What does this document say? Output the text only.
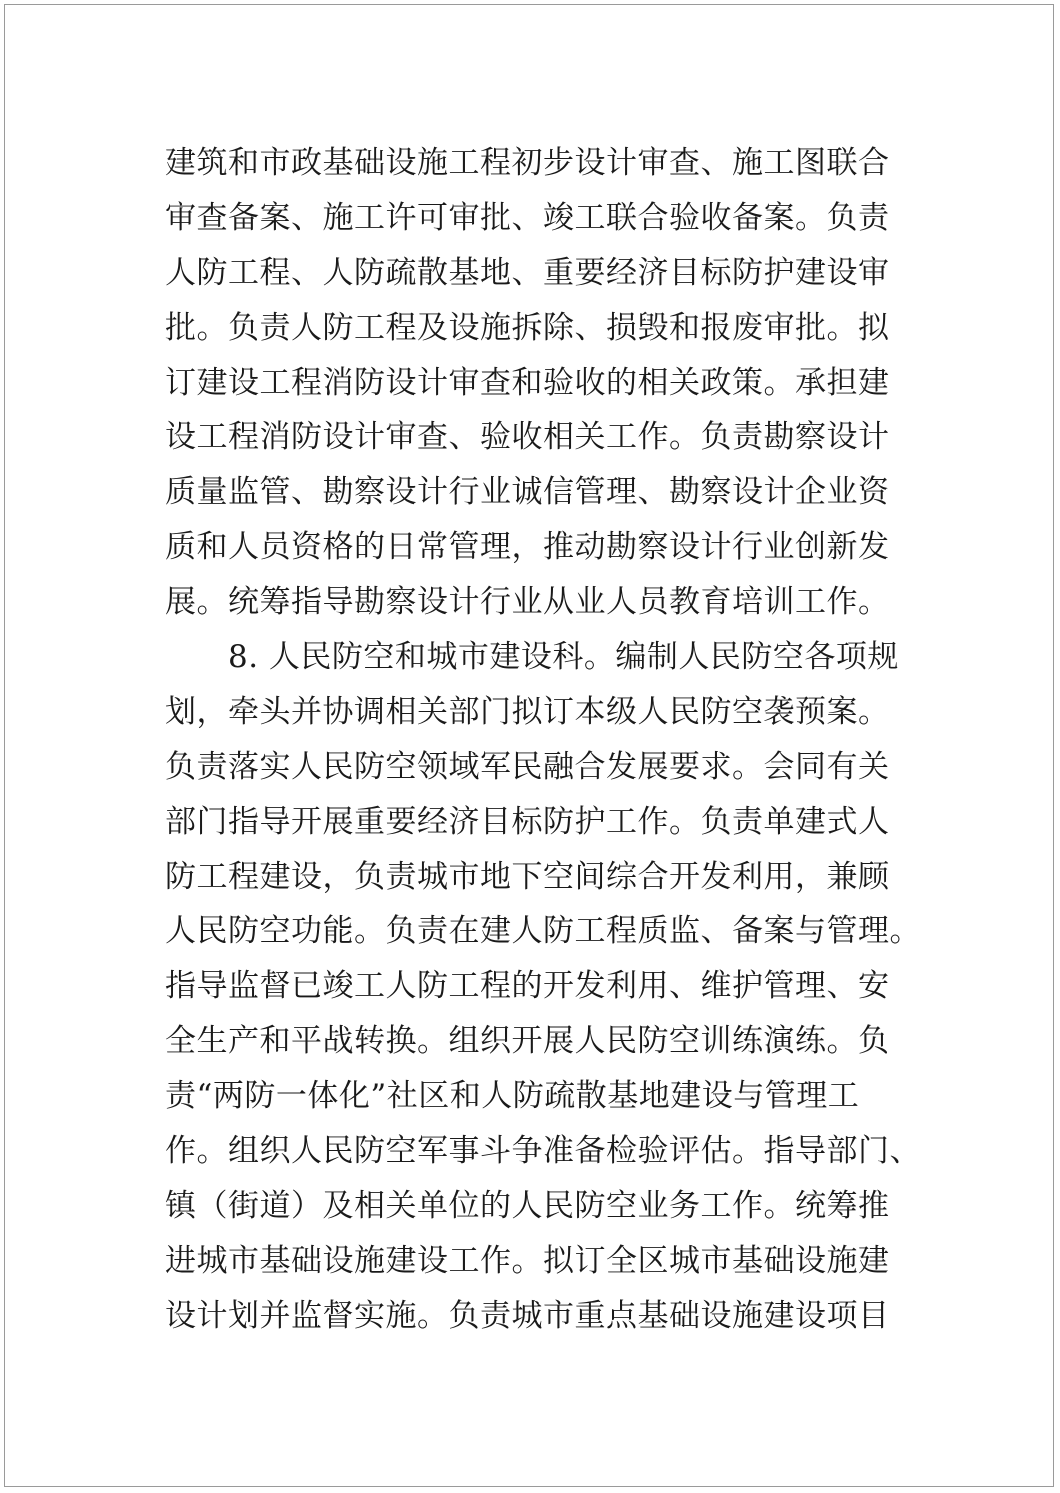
建筑和市政基础设施工程初步设计审查、施工图联合
审查备案、施工许可审批、竣工联合验收备案。负责
人防工程、人防疏散基地、重要经济目标防护建设审
批。负责人防工程及设施拆除、损毁和报废审批。拟
订建设工程消防设计审查和验收的相关政策。承担建
设工程消防设计审查、验收相关工作。负责勘察设计
质量监管、勘察设计行业诚信管理、勘察设计企业资
质和人员资格的日常管理，推动勘察设计行业创新发
展。统筹指导勘察设计行业从业人员教育培训工作。
　　8. 人民防空和城市建设科。编制人民防空各项规
划，牵头并协调相关部门拟订本级人民防空袭预案。
负责落实人民防空领域军民融合发展要求。会同有关
部门指导开展重要经济目标防护工作。负责单建式人
防工程建设，负责城市地下空间综合开发利用，兼顾
人民防空功能。负责在建人防工程质监、备案与管理。
指导监督已竣工人防工程的开发利用、维护管理、安
全生产和平战转换。组织开展人民防空训练演练。负
责“两防一体化”社区和人防疏散基地建设与管理工
作。组织人民防空军事斗争准备检验评估。指导部门、
镇（街道）及相关单位的人民防空业务工作。统筹推
进城市基础设施建设工作。拟订全区城市基础设施建
设计划并监督实施。负责城市重点基础设施建设项目
